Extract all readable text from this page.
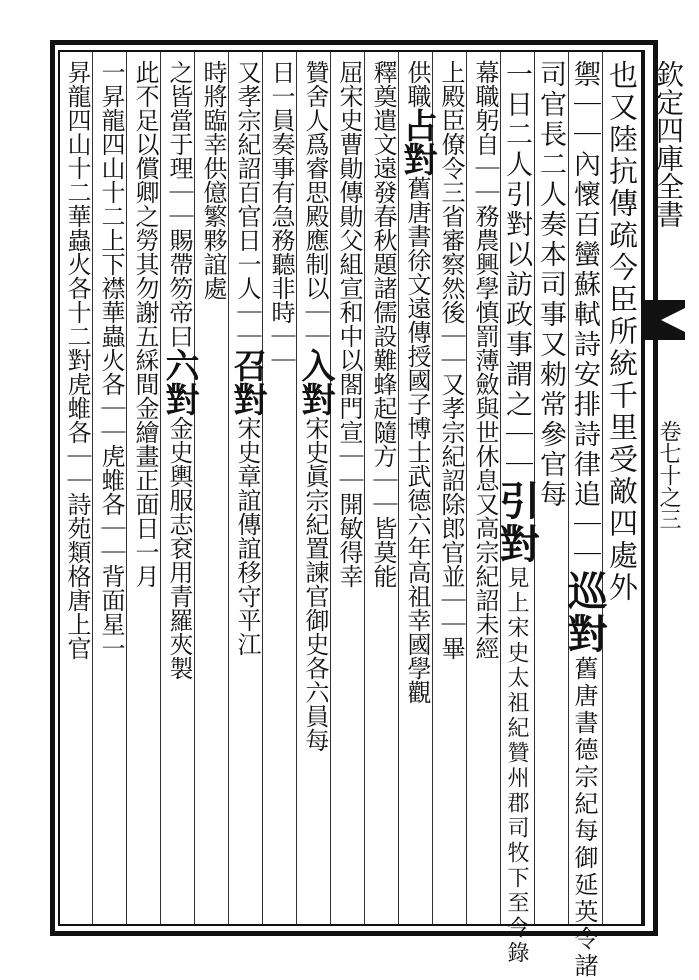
欽定四庫全書
卷七十之三
也又陸抗傳疏今臣所統千里受敵四處外
禦｜｜內懷百蠻蘇軾詩安排詩律追｜｜巡對舊唐書德宗紀每御延英令諸
司官長二人奏本司事又勑常參官每
一日二人引對以訪政事謂之｜｜引對見上宋史太祖紀贊州郡司牧下至令錄
幕職躬自｜｜務農興學慎罰薄斂與世休息又高宗紀詔未經
上殿臣僚令三省審察然後｜｜又孝宗紀詔除郎官並｜｜畢
供職占對舊唐書徐文遠傳授國子博士武德六年高祖幸國學觀
釋奠遣文遠發春秋題諸儒設難蜂起隨方｜｜皆莫能
屈宋史曹勛傳勛父組宣和中以閤門宣｜｜開敏得幸
贊舍人爲睿思殿應制以｜｜入對宋史眞宗紀置諫官御史各六員每
日一員奏事有急務聽非時｜｜
又孝宗紀詔百官日一人｜｜召對宋史章誼傳誼移守平江
時將臨幸供億繁夥誼處
之皆當于理｜｜賜帶笏帝曰六對金史輿服志袞用青羅夾製
此不足以償卿之勞其勿謝五綵間金繪畫正面日一月
一昇龍四山十二上下襟華蟲火各｜｜虎蜼各｜｜背面星一
昇龍四山十二華蟲火各十二對虎蜼各｜｜詩苑類格唐上官
